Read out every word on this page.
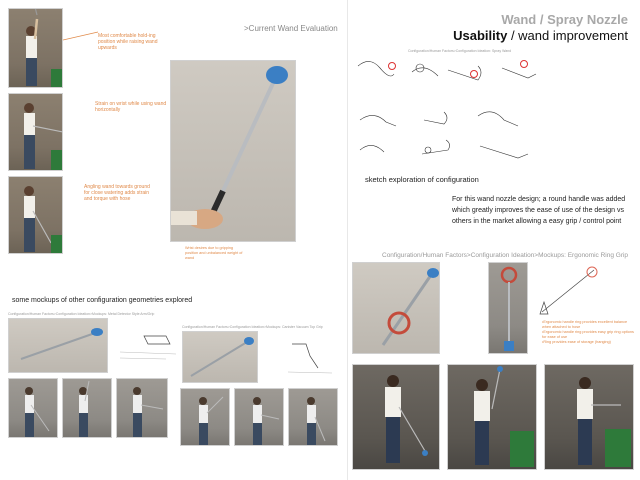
Most comfortable hold-ing position while raising wand upwards
Strain on wrist while using wand horizontally
Angling wand towards ground for close watering adds strain and torque with hose
>Current Wand Evaluation
Wrist desires due to gripping position and unbalanced weight of wand
some mockups of other configuration geometries explored
Configuration/Human Factors>Configuration Ideation>Mockups: Metal Detector Style Arm/Grip
Configuration/Human Factors>Configuration Ideation>Mockups: Canister Vacuum Top Grip
Wand / Spray Nozzle
Usability / wand improvement
Configuration/Human Factors>Configuration Ideation: Spray Wand
sketch exploration of configuration
For this wand nozzle design; a round handle was added which greatly improves the ease of use of the design vs others in the market allowing a easy grip / control point
Configuration/Human Factors>Configuration Ideation>Mockups: Ergonomic Ring Grip
•Ergonomic handle ring provides excellent balance when attached to hose
•Ergonomic handle ring provides easy grip ring options for ease of use
•Ring provides ease of storage (hanging)
